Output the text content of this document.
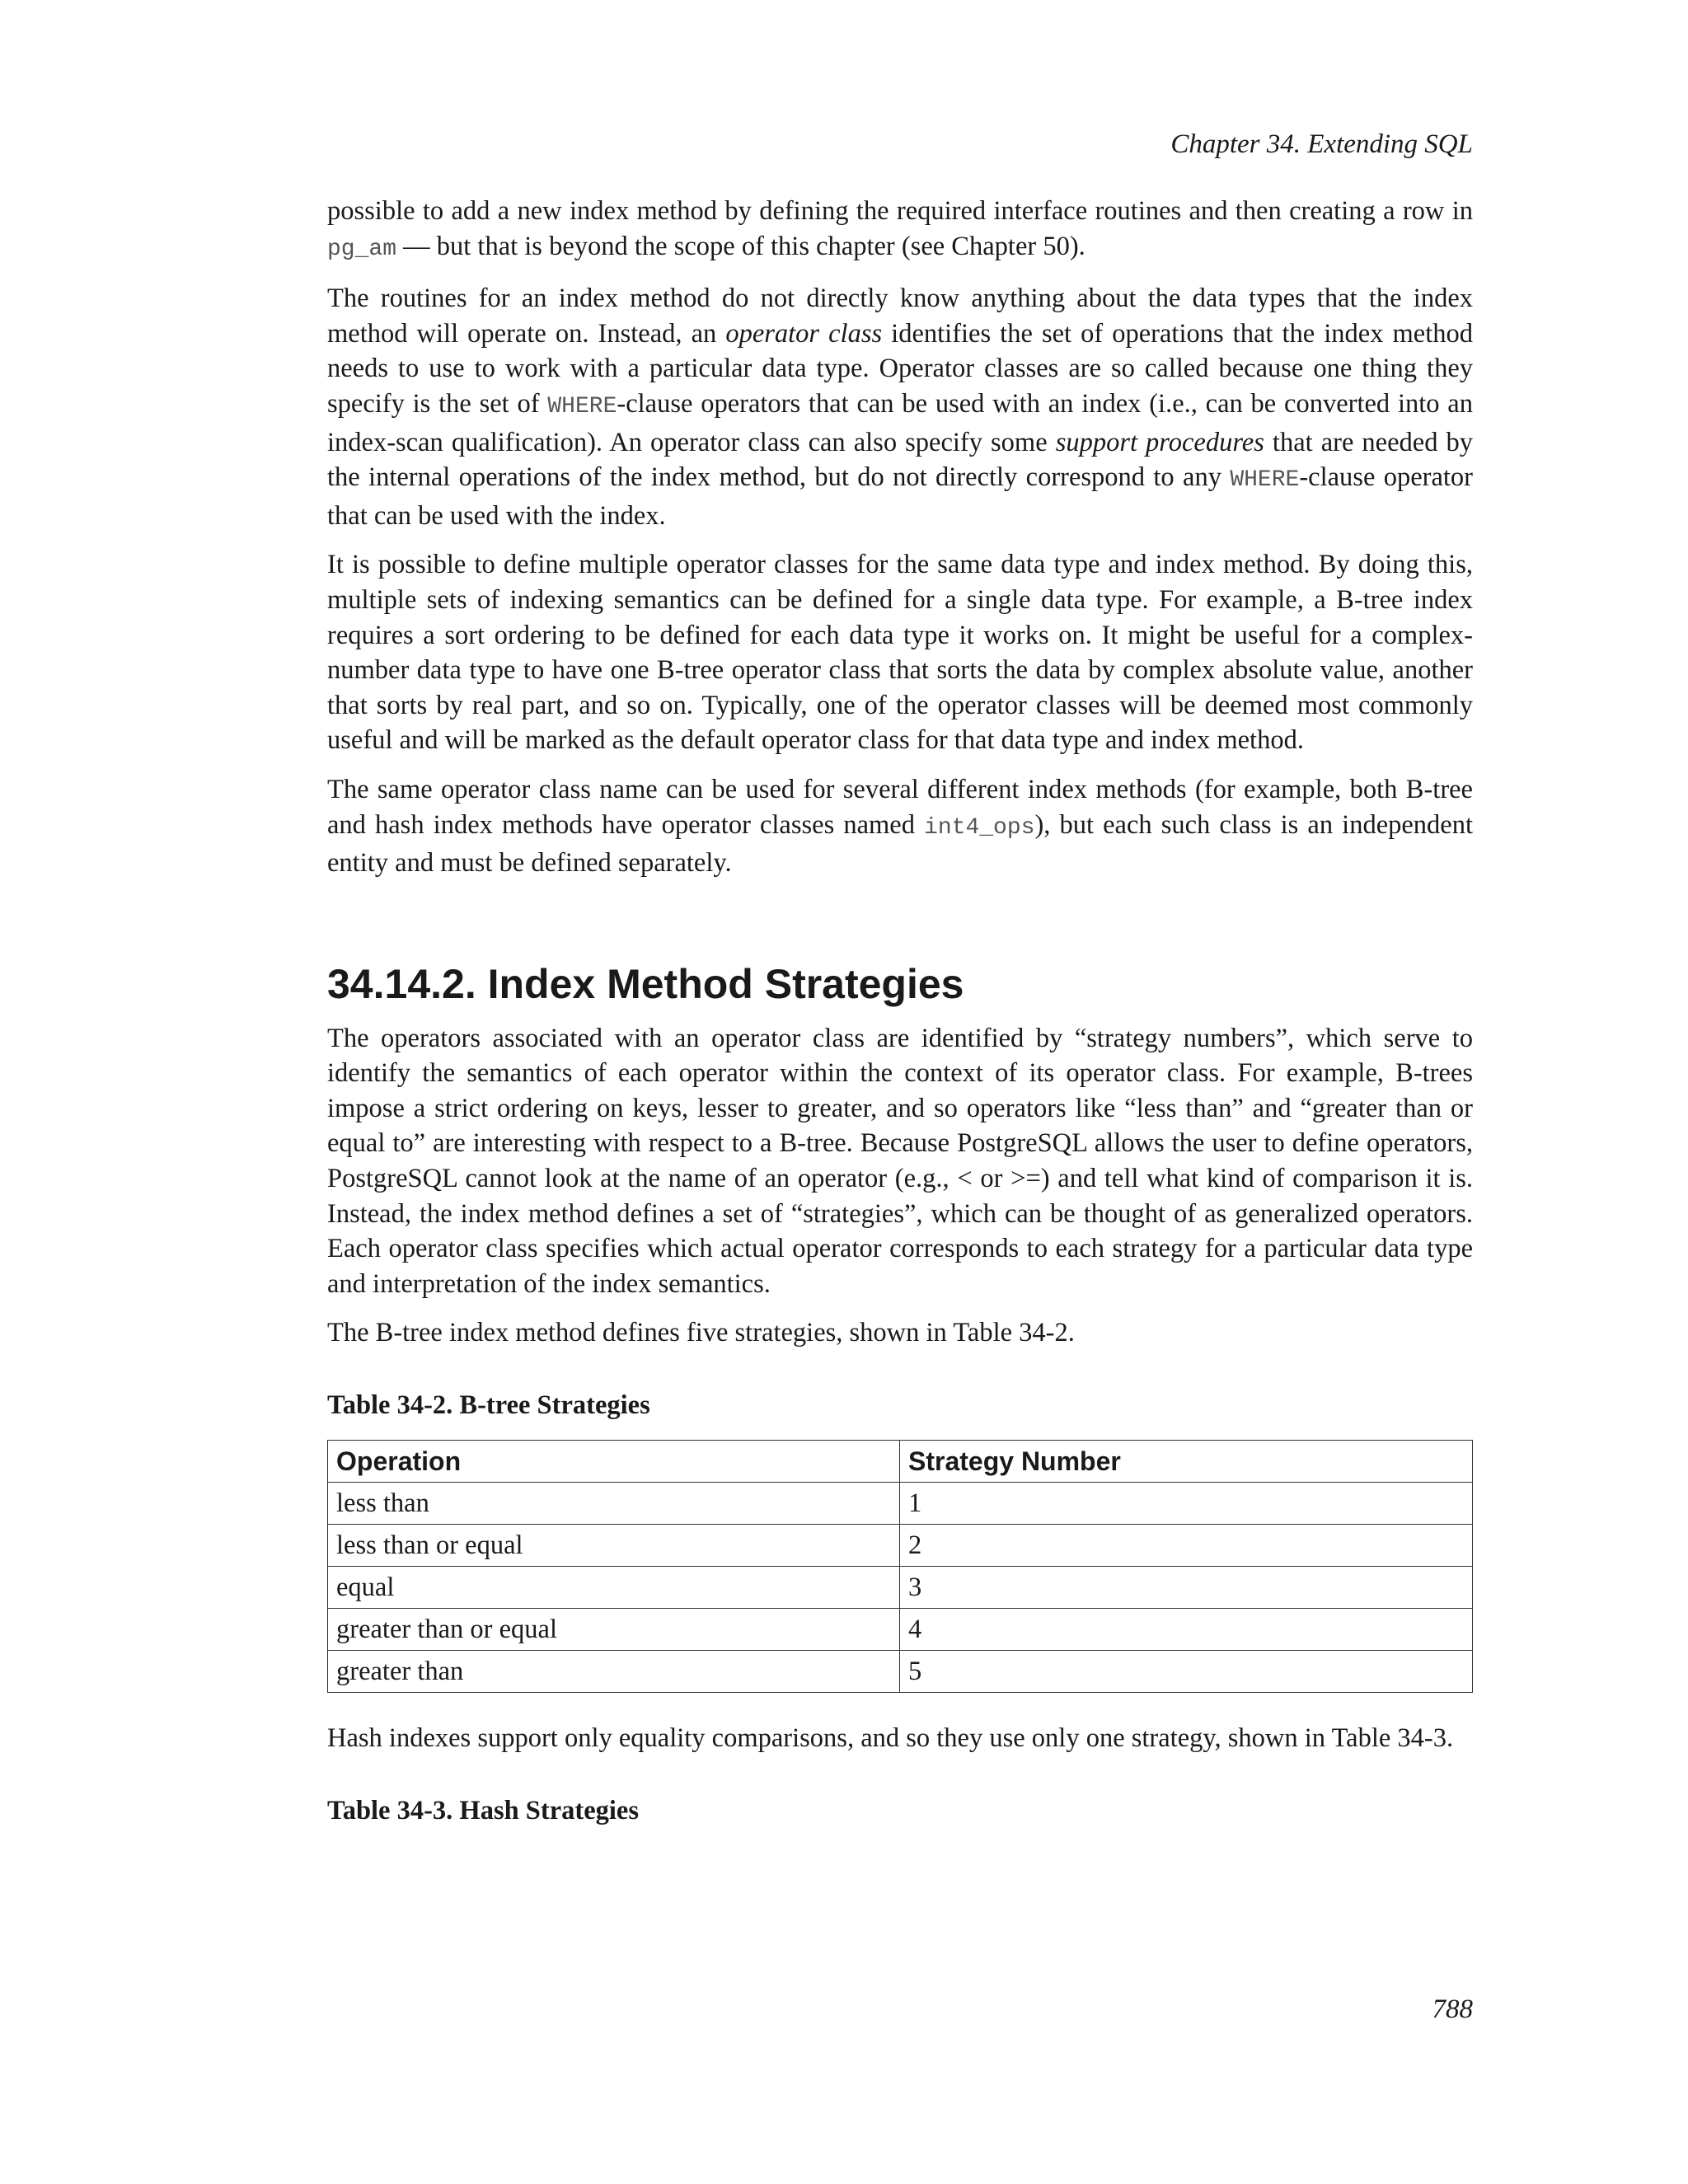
Chapter 34. Extending SQL

possible to add a new index method by defining the required interface routines and then creating a row in pg_am — but that is beyond the scope of this chapter (see Chapter 50).

The routines for an index method do not directly know anything about the data types that the index method will operate on. Instead, an operator class identifies the set of operations that the index method needs to use to work with a particular data type. Operator classes are so called because one thing they specify is the set of WHERE-clause operators that can be used with an index (i.e., can be converted into an index-scan qualification). An operator class can also specify some support procedures that are needed by the internal operations of the index method, but do not directly correspond to any WHERE-clause operator that can be used with the index.

It is possible to define multiple operator classes for the same data type and index method. By doing this, multiple sets of indexing semantics can be defined for a single data type. For example, a B-tree index requires a sort ordering to be defined for each data type it works on. It might be useful for a complex-number data type to have one B-tree operator class that sorts the data by complex absolute value, another that sorts by real part, and so on. Typically, one of the operator classes will be deemed most commonly useful and will be marked as the default operator class for that data type and index method.

The same operator class name can be used for several different index methods (for example, both B-tree and hash index methods have operator classes named int4_ops), but each such class is an independent entity and must be defined separately.

34.14.2. Index Method Strategies

The operators associated with an operator class are identified by “strategy numbers”, which serve to identify the semantics of each operator within the context of its operator class. For example, B-trees impose a strict ordering on keys, lesser to greater, and so operators like “less than” and “greater than or equal to” are interesting with respect to a B-tree. Because PostgreSQL allows the user to define operators, PostgreSQL cannot look at the name of an operator (e.g., < or >=) and tell what kind of comparison it is. Instead, the index method defines a set of “strategies”, which can be thought of as generalized operators. Each operator class specifies which actual operator corresponds to each strategy for a particular data type and interpretation of the index semantics.

The B-tree index method defines five strategies, shown in Table 34-2.

Table 34-2. B-tree Strategies
Operation	Strategy Number
less than	1
less than or equal	2
equal	3
greater than or equal	4
greater than	5

Hash indexes support only equality comparisons, and so they use only one strategy, shown in Table 34-3.

Table 34-3. Hash Strategies

788
